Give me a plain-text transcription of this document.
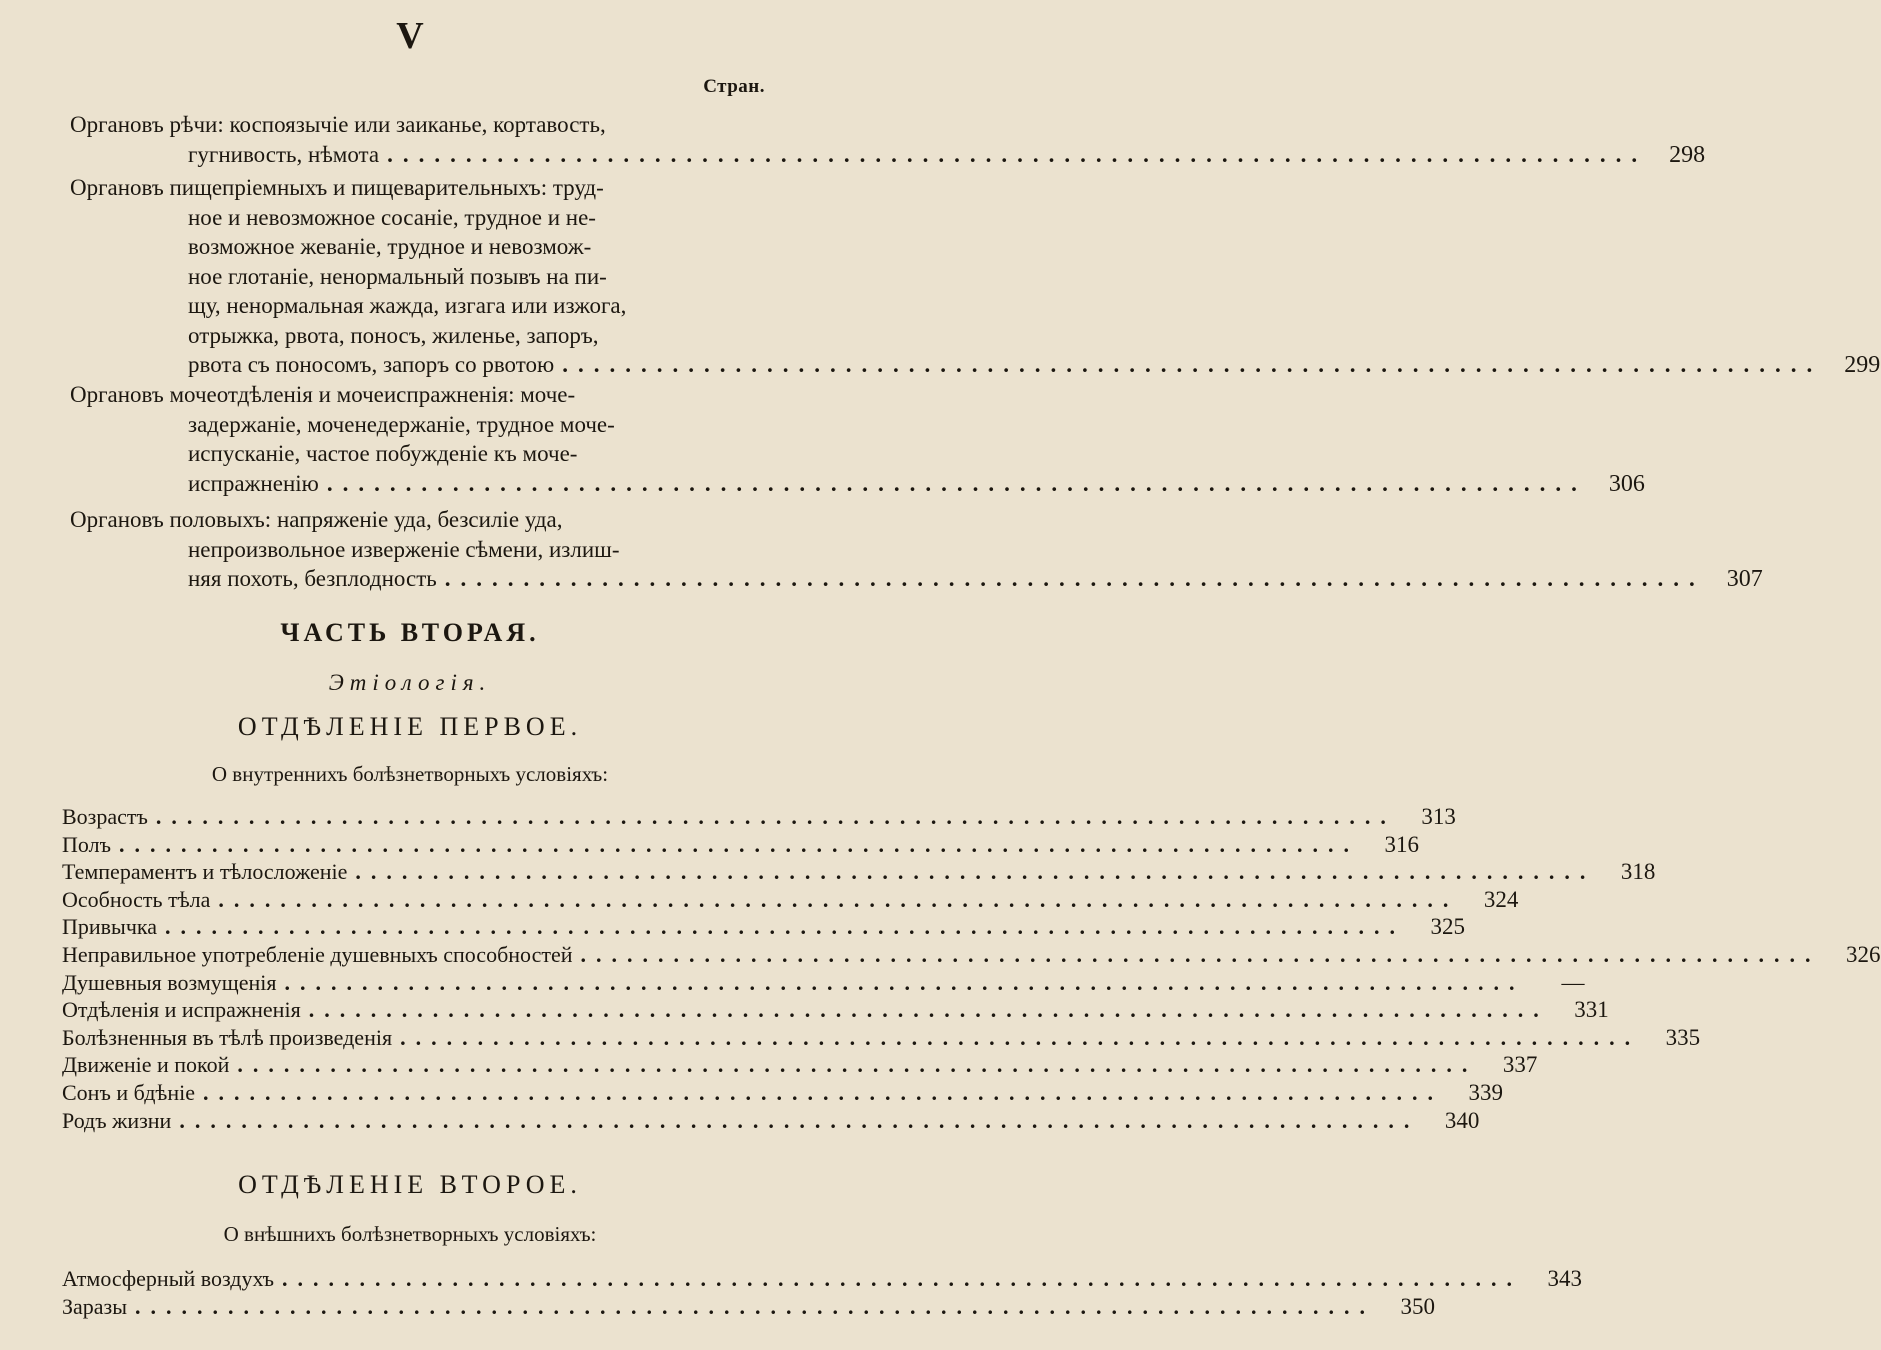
V
Стран.
Органовъ рѣчи: коспоязычіе или заиканье, кортавость,
гугнивость, нѣмота ................................................................................ 298
Органовъ пищепріемныхъ и пищеварительныхъ: труд-
ное и невозможное сосаніе, трудное и не-
возможное жеваніе, трудное и невозмож-
ное глотаніе, ненормальный позывъ на пи-
щу, ненормальная жажда, изгага или изжога,
отрыжка, рвота, поносъ, жиленье, запоръ,
рвота съ поносомъ, запоръ со рвотою ................................................................................ 299
Органовъ мочеотдѣленія и мочеиспражненія: моче-
задержаніе, моченедержаніе, трудное моче-
испусканіе, частое побужденіе къ моче-
испражненію ................................................................................ 306
Органовъ половыхъ: напряженіе уда, безсиліе уда,
непроизвольное изверженіе сѣмени, излиш-
няя похоть, безплодность ................................................................................ 307
ЧАСТЬ ВТОРАЯ.
Этіологія.
ОТДѢЛЕНІЕ ПЕРВОЕ.
О внутреннихъ болѣзнетворныхъ условіяхъ:
Возрастъ ................................................................................	313
Полъ ................................................................................	316
Темпераментъ и тѣлосложеніе ................................................................................	318
Особность тѣла ................................................................................	324
Привычка ................................................................................	325
Неправильное употребленіе душевныхъ способностей ................................................................................	326
Душевныя возмущенія ................................................................................	—
Отдѣленія и испражненія ................................................................................	331
Болѣзненныя въ тѣлѣ произведенія ................................................................................	335
Движеніе и покой ................................................................................	337
Сонъ и бдѣніе ................................................................................	339
Родъ жизни ................................................................................	340
ОТДѢЛЕНІЕ ВТОРОЕ.
О внѣшнихъ болѣзнетворныхъ условіяхъ:
Атмосферный воздухъ ................................................................................	343
Заразы ................................................................................	350
